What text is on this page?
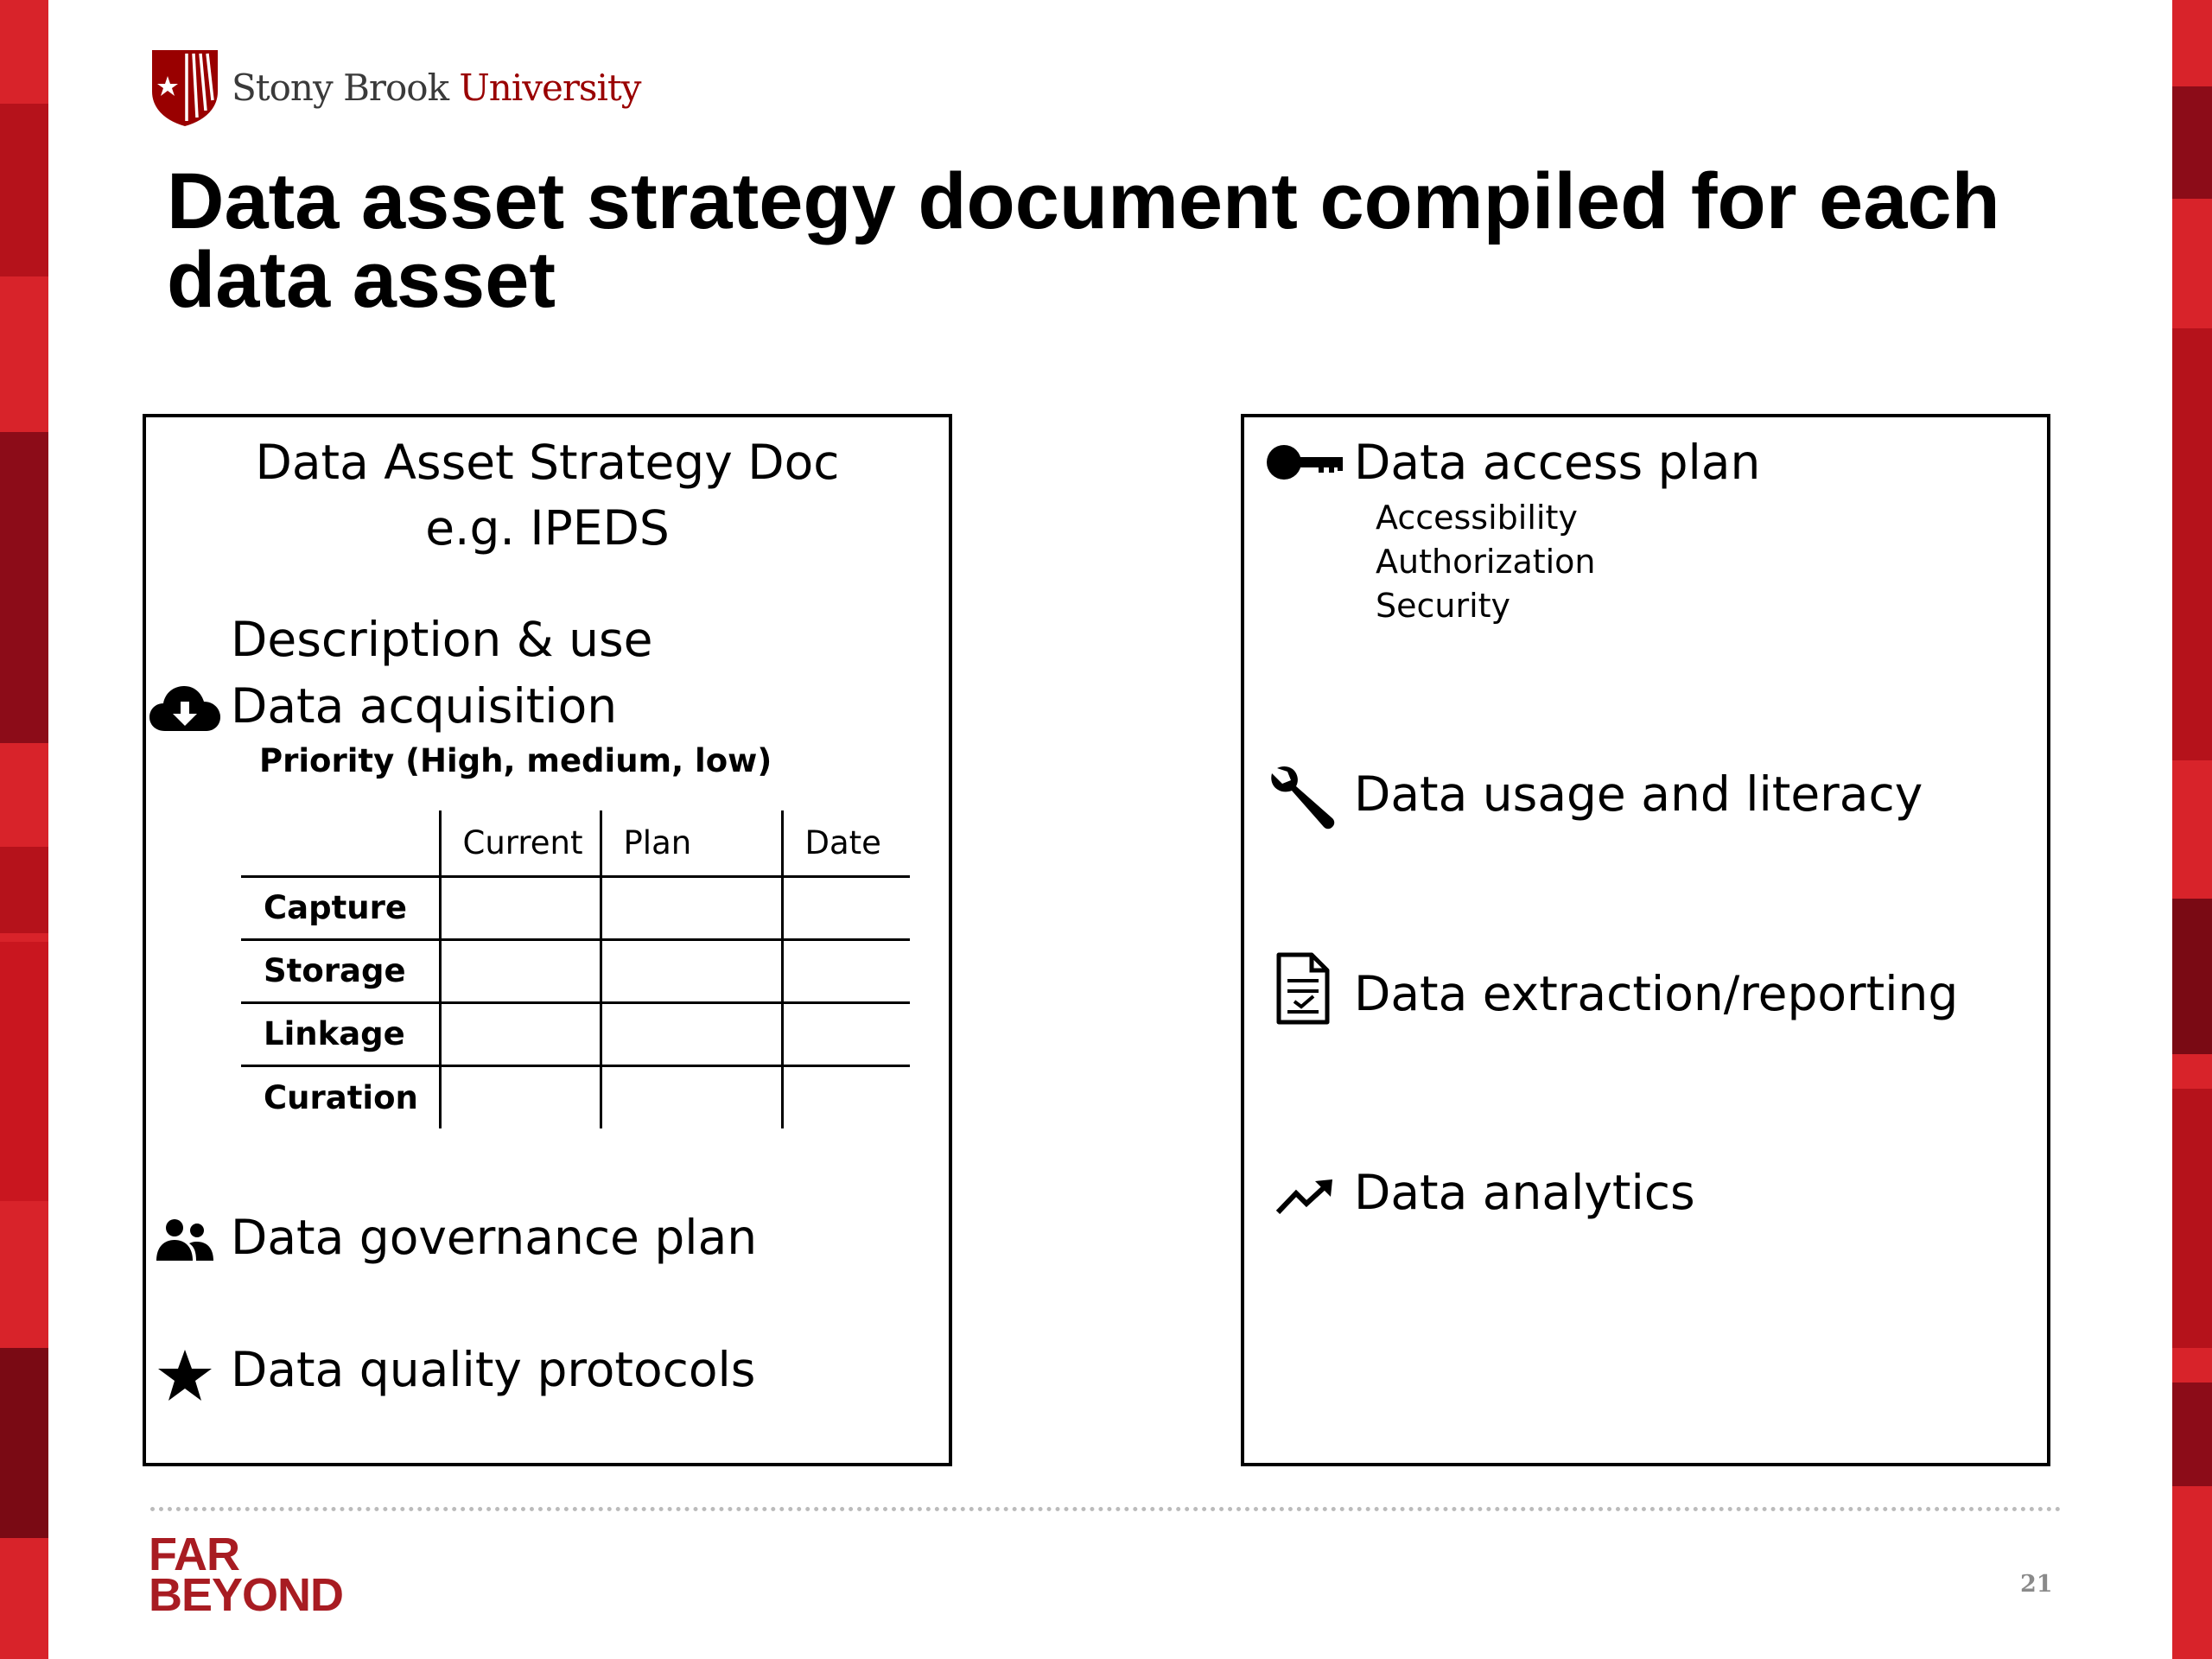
Stony Brook University
Data asset strategy document compiled for each data asset
Data Asset Strategy Doc
e.g. IPEDS
Description & use
Data acquisition
Priority (High, medium, low)
	Current	Plan	Date
Capture			
Storage			
Linkage			
Curation			
Data governance plan
Data quality protocols
Data access plan
Accessibility
Authorization
Security
Data usage and literacy
Data extraction/reporting
Data analytics
FAR
BEYOND	21
